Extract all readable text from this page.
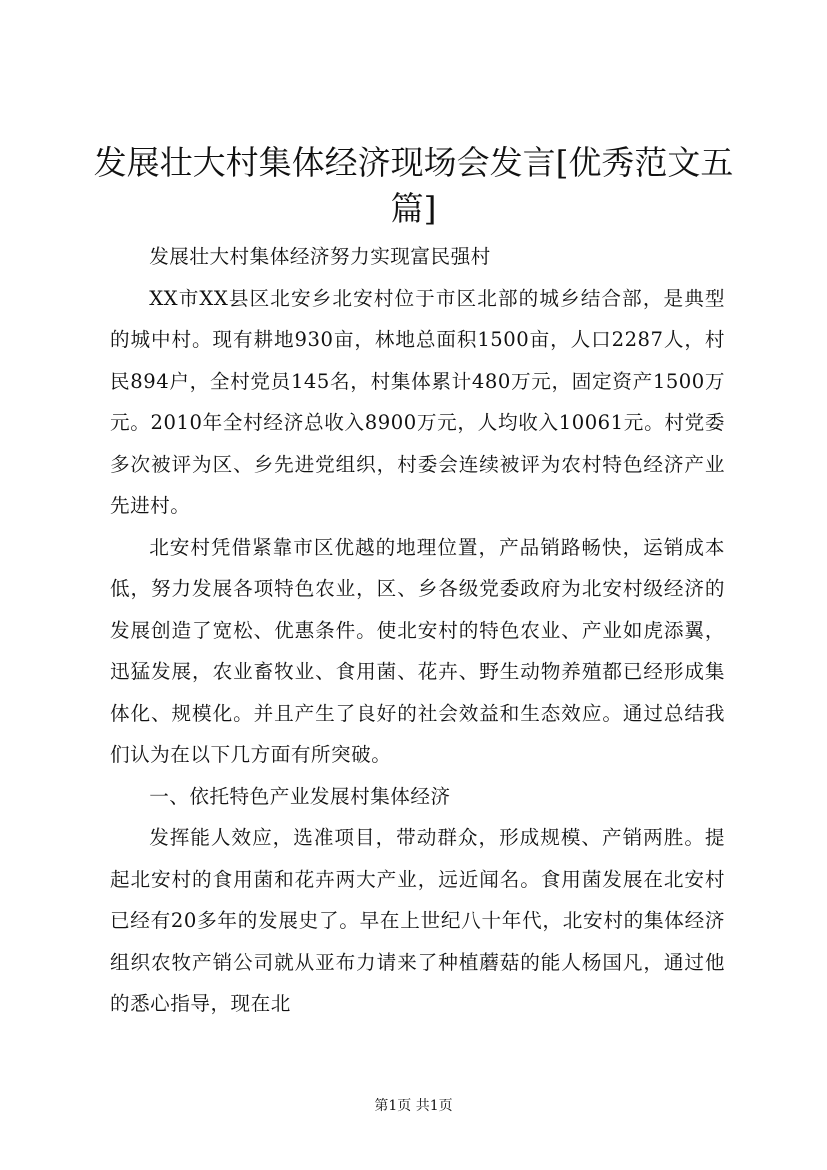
发展壮大村集体经济现场会发言[优秀范文五篇]

发展壮大村集体经济努力实现富民强村

XX市XX县区北安乡北安村位于市区北部的城乡结合部，是典型的城中村。现有耕地930亩，林地总面积1500亩，人口2287人，村民894户，全村党员145名，村集体累计480万元，固定资产1500万元。2010年全村经济总收入8900万元，人均收入10061元。村党委多次被评为区、乡先进党组织，村委会连续被评为农村特色经济产业先进村。

北安村凭借紧靠市区优越的地理位置，产品销路畅快，运销成本低，努力发展各项特色农业，区、乡各级党委政府为北安村级经济的发展创造了宽松、优惠条件。使北安村的特色农业、产业如虎添翼，迅猛发展，农业畜牧业、食用菌、花卉、野生动物养殖都已经形成集体化、规模化。并且产生了良好的社会效益和生态效应。通过总结我们认为在以下几方面有所突破。

一、依托特色产业发展村集体经济

发挥能人效应，选准项目，带动群众，形成规模、产销两胜。提起北安村的食用菌和花卉两大产业，远近闻名。食用菌发展在北安村已经有20多年的发展史了。早在上世纪八十年代，北安村的集体经济组织农牧产销公司就从亚布力请来了种植蘑菇的能人杨国凡，通过他的悉心指导，现在北

第1页 共1页
